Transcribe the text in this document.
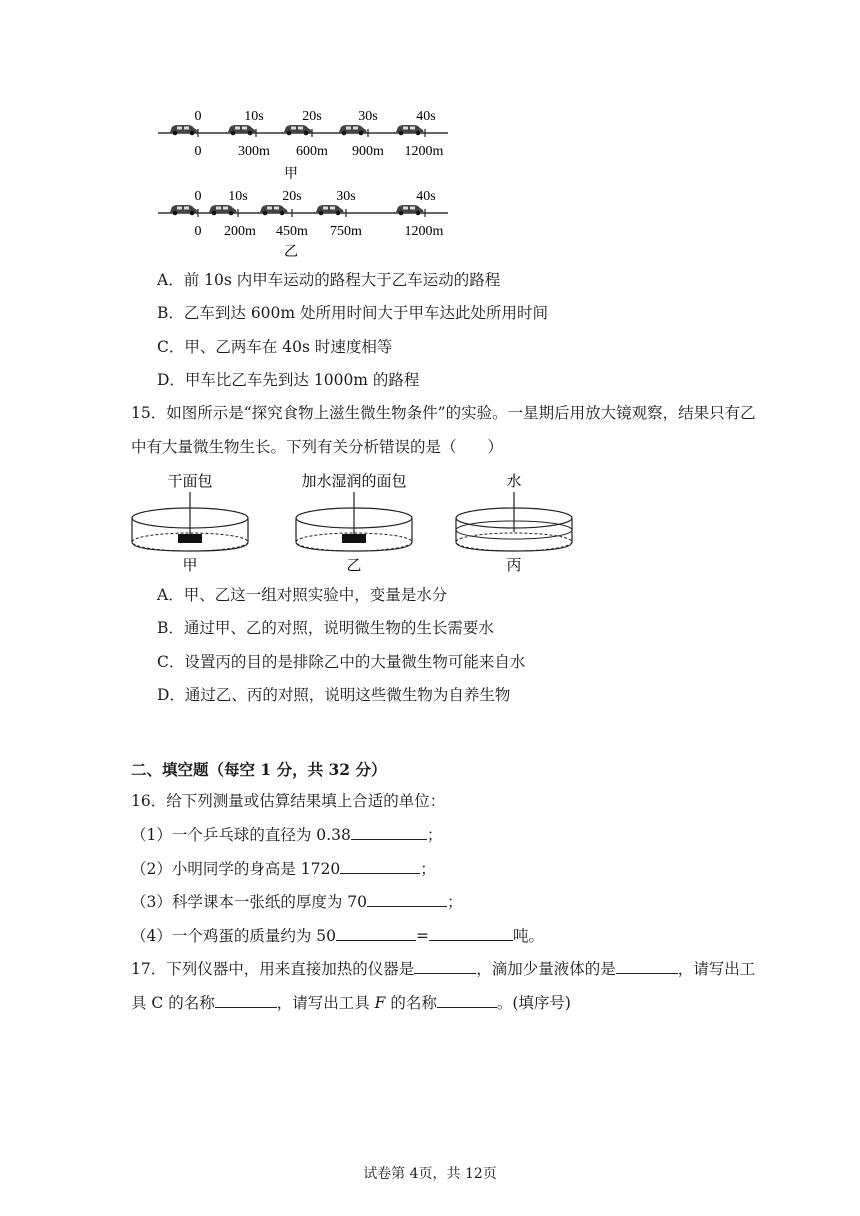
0	10s	20s	30s	40s
0	300m 600m 900m 1200m
甲
0 10s 20s 30s	40s
0 200m 450m 750m	1200m
乙
A．前 10s 内甲车运动的路程大于乙车运动的路程
B．乙车到达 600m 处所用时间大于甲车达此处所用时间
C．甲、乙两车在 40s 时速度相等
D．甲车比乙车先到达 1000m 的路程
15．如图所示是“探究食物上滋生微生物条件”的实验。一星期后用放大镜观察，结果只有乙
中有大量微生物生长。下列有关分析错误的是（　　）
干面包
甲
加水湿润的面包
乙
水
丙
A．甲、乙这一组对照实验中，变量是水分
B．通过甲、乙的对照，说明微生物的生长需要水
C．设置丙的目的是排除乙中的大量微生物可能来自水
D．通过乙、丙的对照，说明这些微生物为自养生物
二、填空题（每空 1 分，共 32 分）
16．给下列测量或估算结果填上合适的单位：
（1）一个乒乓球的直径为 0.38	；
（2）小明同学的身高是 1720	；
（3）科学课本一张纸的厚度为 70	；
（4）一个鸡蛋的质量约为 50	=	吨。
17．下列仪器中，用来直接加热的仪器是	，滴加少量液体的是	，请写出工
具 C 的名称	，请写出工具 F 的名称	。(填序号)
试卷第 4页，共 12页
